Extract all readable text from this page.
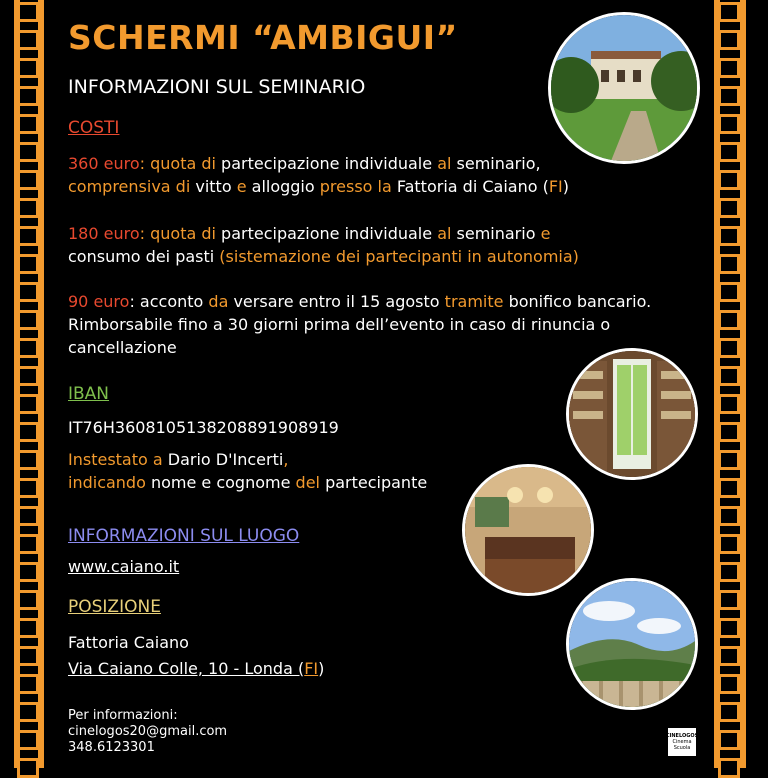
SCHERMI “AMBIGUI”
INFORMAZIONI SUL SEMINARIO
COSTI
360 euro: quota di partecipazione individuale al seminario,
comprensiva di vitto e alloggio presso la Fattoria di Caiano (FI)
180 euro: quota di partecipazione individuale al seminario e
consumo dei pasti (sistemazione dei partecipanti in autonomia)
90 euro: acconto da versare entro il 15 agosto tramite bonifico bancario.
Rimborsabile fino a 30 giorni prima dell’evento in caso di rinuncia o
cancellazione
IBAN
IT76H3608105138208891908919
Instestato a Dario D'Incerti,
indicando nome e cognome del partecipante
INFORMAZIONI SUL LUOGO
www.caiano.it
POSIZIONE
Fattoria Caiano
Via Caiano Colle, 10 - Londa (FI)
Per informazioni:
cinelogos20@gmail.com
348.6123301
CINELOGOS
Cinema Scuola
